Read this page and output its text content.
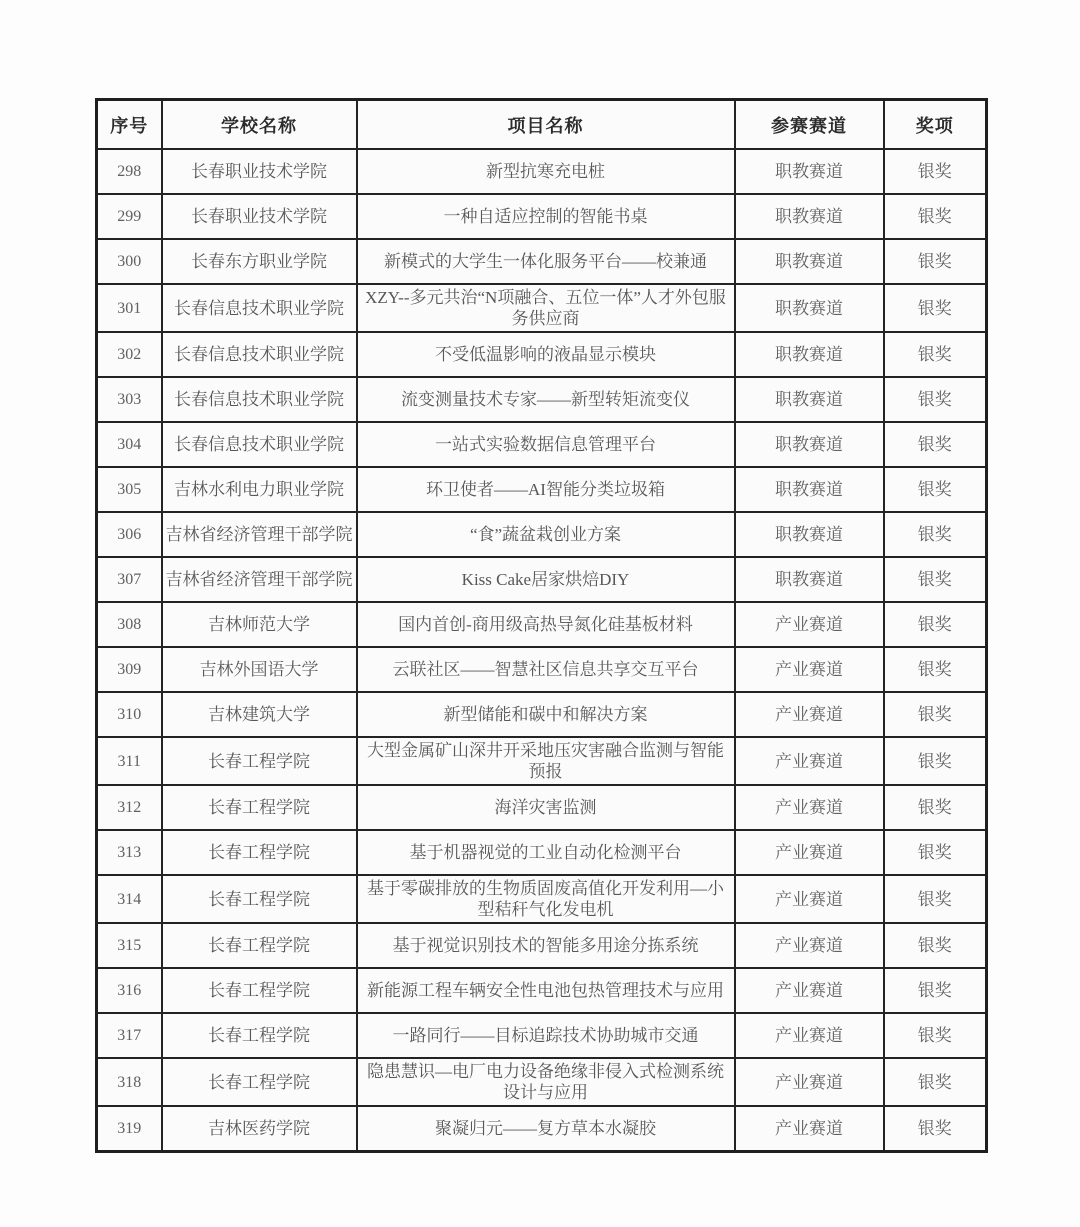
序号	学校名称	项目名称	参赛赛道	奖项
298	长春职业技术学院	新型抗寒充电桩	职教赛道	银奖
299	长春职业技术学院	一种自适应控制的智能书桌	职教赛道	银奖
300	长春东方职业学院	新模式的大学生一体化服务平台——校兼通	职教赛道	银奖
301	长春信息技术职业学院	XZY--多元共治“N项融合、五位一体”人才外包服务供应商	职教赛道	银奖
302	长春信息技术职业学院	不受低温影响的液晶显示模块	职教赛道	银奖
303	长春信息技术职业学院	流变测量技术专家——新型转矩流变仪	职教赛道	银奖
304	长春信息技术职业学院	一站式实验数据信息管理平台	职教赛道	银奖
305	吉林水利电力职业学院	环卫使者——AI智能分类垃圾箱	职教赛道	银奖
306	吉林省经济管理干部学院	“食”蔬盆栽创业方案	职教赛道	银奖
307	吉林省经济管理干部学院	Kiss Cake居家烘焙DIY	职教赛道	银奖
308	吉林师范大学	国内首创-商用级高热导氮化硅基板材料	产业赛道	银奖
309	吉林外国语大学	云联社区——智慧社区信息共享交互平台	产业赛道	银奖
310	吉林建筑大学	新型储能和碳中和解决方案	产业赛道	银奖
311	长春工程学院	大型金属矿山深井开采地压灾害融合监测与智能预报	产业赛道	银奖
312	长春工程学院	海洋灾害监测	产业赛道	银奖
313	长春工程学院	基于机器视觉的工业自动化检测平台	产业赛道	银奖
314	长春工程学院	基于零碳排放的生物质固废高值化开发利用—小型秸秆气化发电机	产业赛道	银奖
315	长春工程学院	基于视觉识别技术的智能多用途分拣系统	产业赛道	银奖
316	长春工程学院	新能源工程车辆安全性电池包热管理技术与应用	产业赛道	银奖
317	长春工程学院	一路同行——目标追踪技术协助城市交通	产业赛道	银奖
318	长春工程学院	隐患慧识—电厂电力设备绝缘非侵入式检测系统设计与应用	产业赛道	银奖
319	吉林医药学院	聚凝归元——复方草本水凝胶	产业赛道	银奖
